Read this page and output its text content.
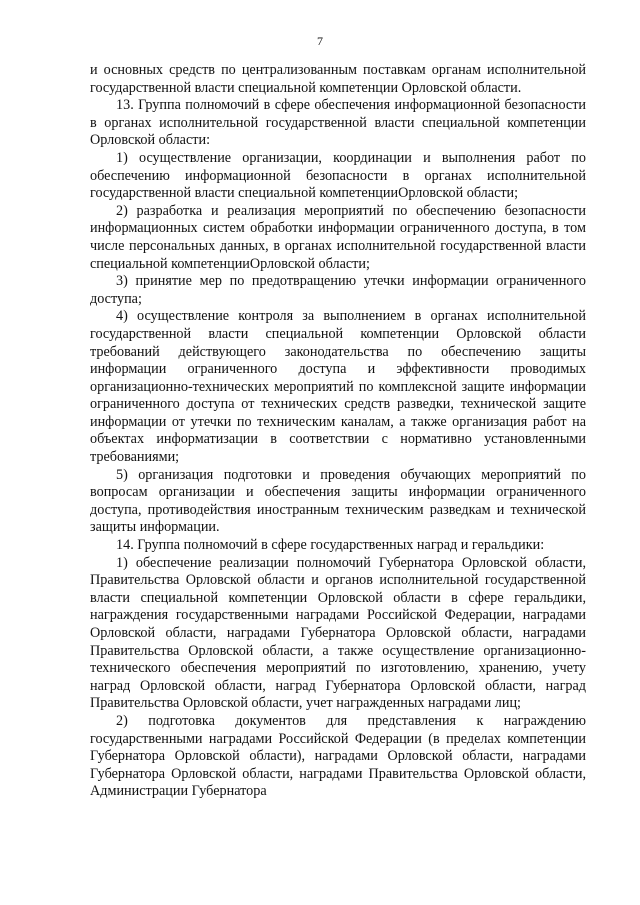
7

и основных средств по централизованным поставкам органам исполнительной государственной власти специальной компетенции Орловской области.

13. Группа полномочий в сфере обеспечения информационной безопасности в органах исполнительной государственной власти специальной компетенции Орловской области:

1) осуществление организации, координации и выполнения работ по обеспечению информационной безопасности в органах исполнительной государственной власти специальной компетенцииОрловской области;

2) разработка и реализация мероприятий по обеспечению безопасности информационных систем обработки информации ограниченного доступа, в том числе персональных данных, в органах исполнительной государственной власти специальной компетенцииОрловской области;

3) принятие мер по предотвращению утечки информации ограниченного доступа;

4) осуществление контроля за выполнением в органах исполнительной государственной власти специальной компетенции Орловской области требований действующего законодательства по обеспечению защиты информации ограниченного доступа и эффективности проводимых организационно-технических мероприятий по комплексной защите информации ограниченного доступа от технических средств разведки, технической защите информации от утечки по техническим каналам, а также организация работ на объектах информатизации в соответствии с нормативно установленными требованиями;

5) организация подготовки и проведения обучающих мероприятий по вопросам организации и обеспечения защиты информации ограниченного доступа, противодействия иностранным техническим разведкам и технической защиты информации.

14. Группа полномочий в сфере государственных наград и геральдики:

1) обеспечение реализации полномочий Губернатора Орловской области, Правительства Орловской области и органов исполнительной государственной власти специальной компетенции Орловской области в сфере геральдики, награждения государственными наградами Российской Федерации, наградами Орловской области, наградами Губернатора Орловской области, наградами Правительства Орловской области, а также осуществление организационно-технического обеспечения мероприятий по изготовлению, хранению, учету наград Орловской области, наград Губернатора Орловской области, наград Правительства Орловской области, учет награжденных наградами лиц;

2) подготовка документов для представления к награждению государственными наградами Российской Федерации (в пределах компетенции Губернатора Орловской области), наградами Орловской области, наградами Губернатора Орловской области, наградами Правительства Орловской области, Администрации Губернатора
